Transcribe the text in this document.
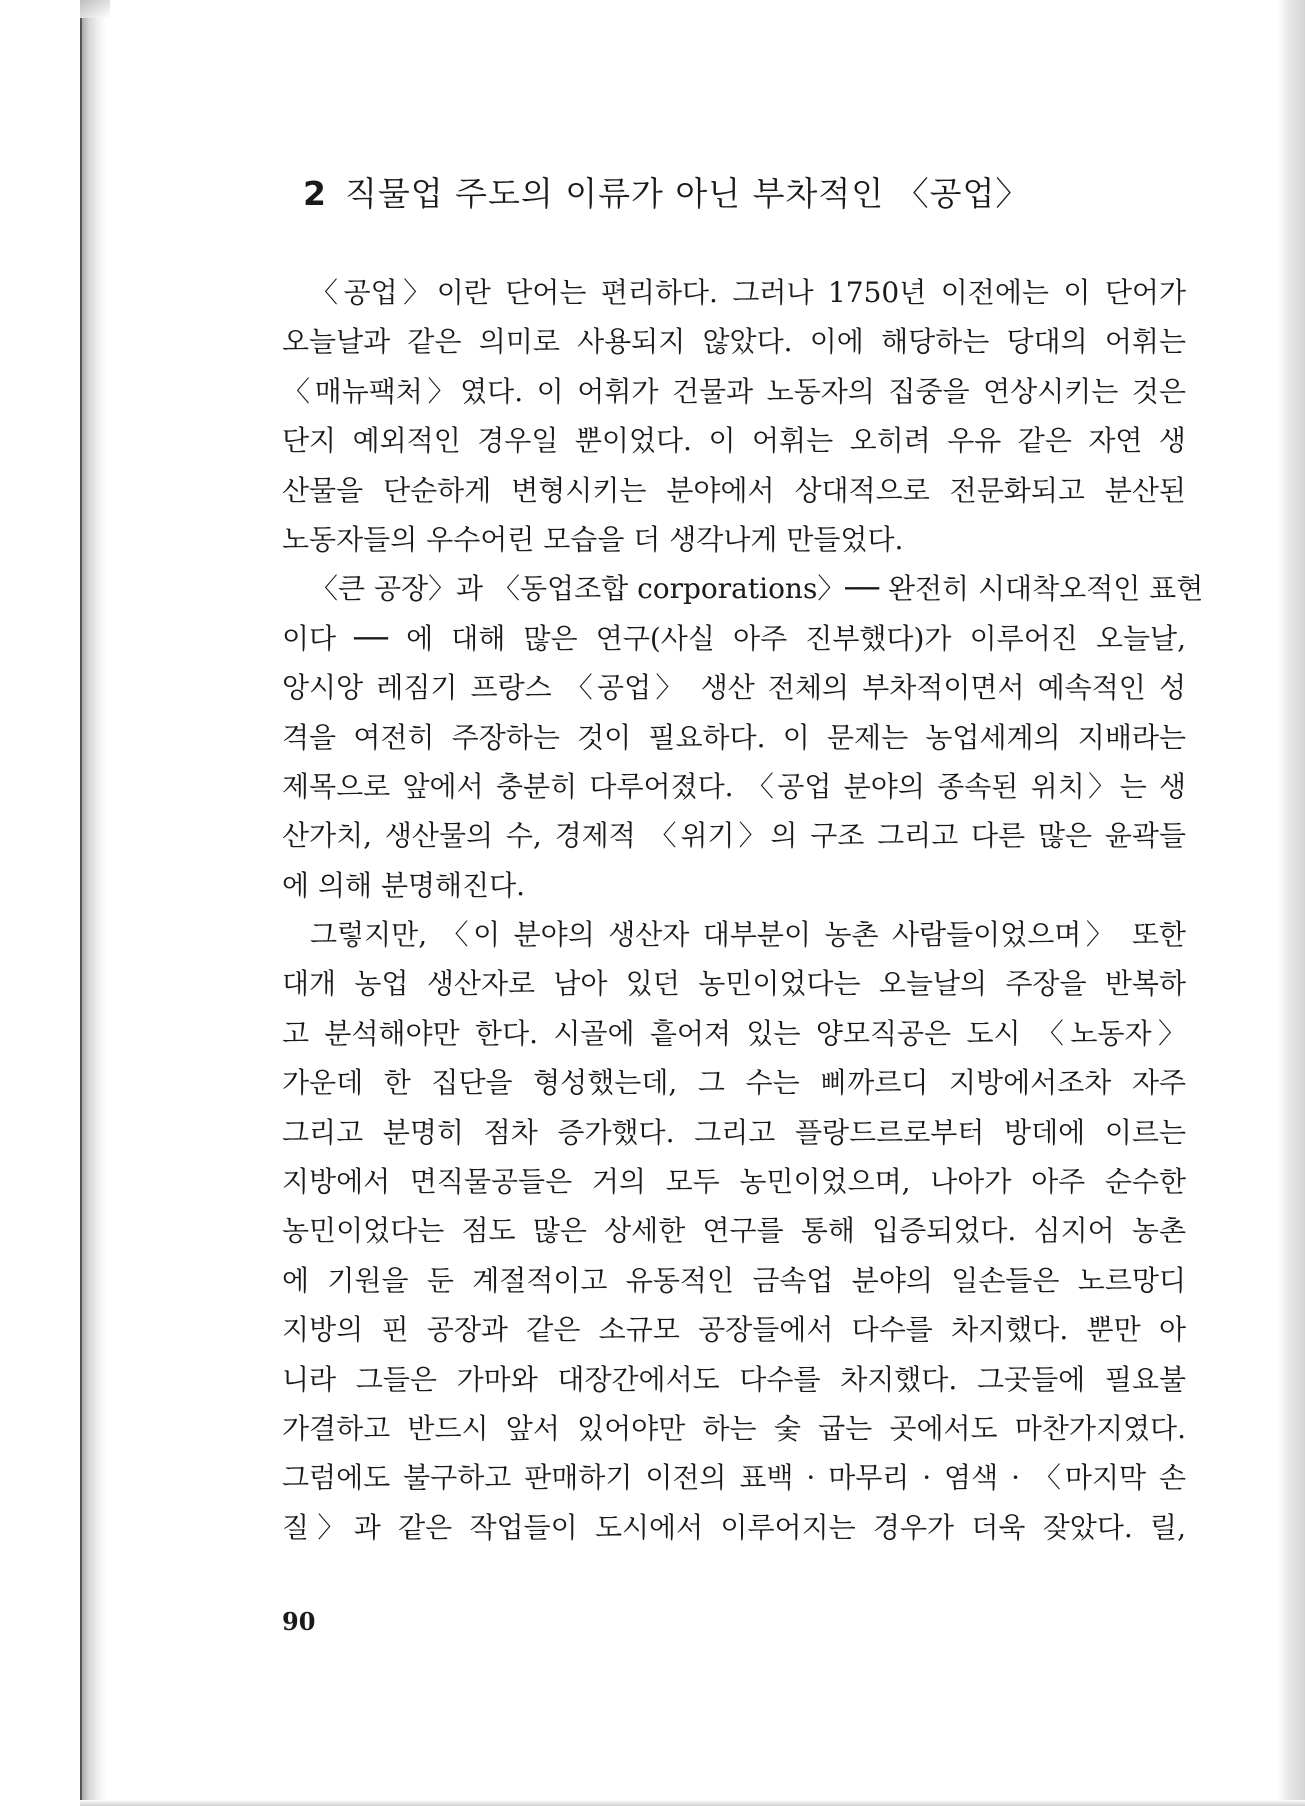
2 직물업 주도의 이류가 아닌 부차적인 〈공업〉
〈공업〉이란 단어는 편리하다. 그러나 1750년 이전에는 이 단어가
오늘날과 같은 의미로 사용되지 않았다. 이에 해당하는 당대의 어휘는
〈매뉴팩처〉였다. 이 어휘가 건물과 노동자의 집중을 연상시키는 것은
단지 예외적인 경우일 뿐이었다. 이 어휘는 오히려 우유 같은 자연 생
산물을 단순하게 변형시키는 분야에서 상대적으로 전문화되고 분산된
노동자들의 우수어린 모습을 더 생각나게 만들었다.
〈큰 공장〉과 〈동업조합 corporations〉── 완전히 시대착오적인 표현
이다 ── 에 대해 많은 연구(사실 아주 진부했다)가 이루어진 오늘날,
앙시앙 레짐기 프랑스 〈공업〉 생산 전체의 부차적이면서 예속적인 성
격을 여전히 주장하는 것이 필요하다. 이 문제는 농업세계의 지배라는
제목으로 앞에서 충분히 다루어졌다. 〈공업 분야의 종속된 위치〉는 생
산가치, 생산물의 수, 경제적 〈위기〉의 구조 그리고 다른 많은 윤곽들
에 의해 분명해진다.
그렇지만, 〈이 분야의 생산자 대부분이 농촌 사람들이었으며〉 또한
대개 농업 생산자로 남아 있던 농민이었다는 오늘날의 주장을 반복하
고 분석해야만 한다. 시골에 흩어져 있는 양모직공은 도시 〈노동자〉
가운데 한 집단을 형성했는데, 그 수는 삐까르디 지방에서조차 자주
그리고 분명히 점차 증가했다. 그리고 플랑드르로부터 방데에 이르는
지방에서 면직물공들은 거의 모두 농민이었으며, 나아가 아주 순수한
농민이었다는 점도 많은 상세한 연구를 통해 입증되었다. 심지어 농촌
에 기원을 둔 계절적이고 유동적인 금속업 분야의 일손들은 노르망디
지방의 핀 공장과 같은 소규모 공장들에서 다수를 차지했다. 뿐만 아
니라 그들은 가마와 대장간에서도 다수를 차지했다. 그곳들에 필요불
가결하고 반드시 앞서 있어야만 하는 숯 굽는 곳에서도 마찬가지였다.
그럼에도 불구하고 판매하기 이전의 표백 · 마무리 · 염색 · 〈마지막 손
질〉과 같은 작업들이 도시에서 이루어지는 경우가 더욱 잦았다. 릴,
90
